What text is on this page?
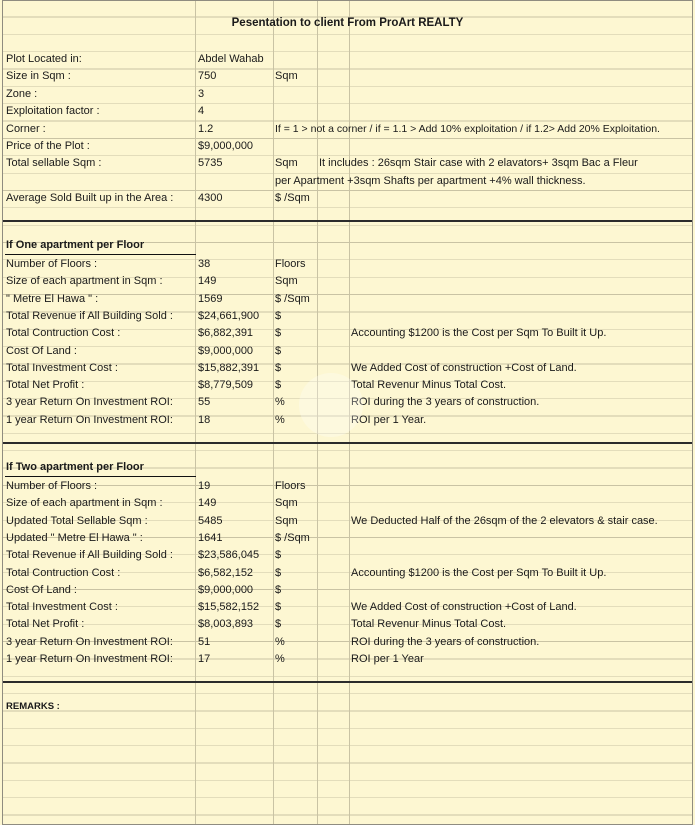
Pesentation to client From ProArt REALTY
Plot Located in:	Abdel Wahab
Size in Sqm :	750	Sqm
Zone :	3
Exploitation factor :	4
Corner :	1.2	If = 1 > not a corner / if = 1.1 > Add 10% exploitation / if 1.2> Add 20% Exploitation.
Price of the Plot :	$9,000,000
Total sellable Sqm :	5735	Sqm It includes : 26sqm Stair case with 2 elavators+ 3sqm Bac a Fleur
per Apartment +3sqm Shafts per apartment +4% wall thickness.
Average Sold Built up in the Area : 4300	$ /Sqm
If One apartment per Floor
Number of Floors :	38	Floors
Size of each apartment in Sqm :	149	Sqm
" Metre El Hawa " :	1569	$ /Sqm
Total Revenue if All Building Sold : $24,661,900 $
Total Contruction Cost :	$6,882,391 $	Accounting $1200 is the Cost per Sqm To Built it Up.
Cost Of Land :	$9,000,000 $
Total Investment Cost :	$15,882,391 $	We Added Cost of construction +Cost of Land.
Total Net Profit :	$8,779,509 $	Total Revenur Minus Total Cost.
3 year Return On Investment ROI: 55	%	ROI during the 3 years of construction.
1 year Return On Investment ROI: 18	%	ROI per 1 Year.
If Two apartment per Floor
Number of Floors :	19	Floors
Size of each apartment in Sqm :	149	Sqm
Updated Total Sellable Sqm :	5485	Sqm	We Deducted Half of the 26sqm of the 2 elevators & stair case.
Updated " Metre El Hawa " :	1641	$ /Sqm
Total Revenue if All Building Sold : $23,586,045 $
Total Contruction Cost :	$6,582,152 $	Accounting $1200 is the Cost per Sqm To Built it Up.
Cost Of Land :	$9,000,000 $
Total Investment Cost :	$15,582,152 $	We Added Cost of construction +Cost of Land.
Total Net Profit :	$8,003,893 $	Total Revenur Minus Total Cost.
3 year Return On Investment ROI: 51	%	ROI during the 3 years of construction.
1 year Return On Investment ROI: 17	%	ROI per 1 Year
REMARKS :
